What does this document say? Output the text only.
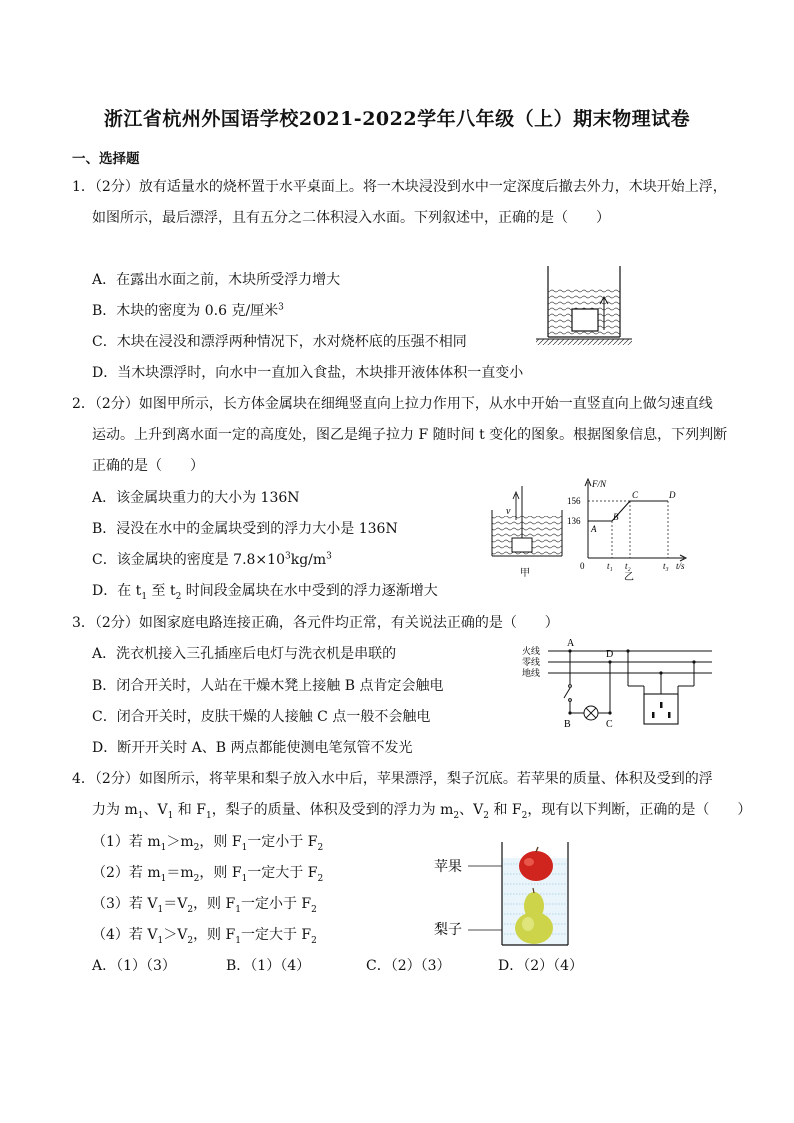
浙江省杭州外国语学校2021-2022学年八年级（上）期末物理试卷
一、选择题
1．（2分）放有适量水的烧杯置于水平桌面上。将一木块浸没到水中一定深度后撤去外力，木块开始上浮，
如图所示，最后漂浮，且有五分之二体积浸入水面。下列叙述中，正确的是（　　）
A．在露出水面之前，木块所受浮力增大
B．木块的密度为 0.6 克/厘米$^3$
C．木块在浸没和漂浮两种情况下，水对烧杯底的压强不相同
D．当木块漂浮时，向水中一直加入食盐，木块排开液体体积一直变小
2．（2分）如图甲所示，长方体金属块在细绳竖直向上拉力作用下，从水中开始一直竖直向上做匀速直线
运动。上升到离水面一定的高度处，图乙是绳子拉力 F 随时间 t 变化的图象。根据图象信息，下列判断
正确的是（　　）
A．该金属块重力的大小为 136N
B．浸没在水中的金属块受到的浮力大小是 136N
C．该金属块的密度是 $7.8\times 10^3kg/m^3$
D．在 $t_1$ 至 $t_2$ 时间段金属块在水中受到的浮力逐渐增大
v
甲
F/N
156
136
A
B
C	D
0	t₁ t₂	t₃ t/s
乙
3．（2分）如图家庭电路连接正确，各元件均正常，有关说法正确的是（　　）
A．洗衣机接入三孔插座后电灯与洗衣机是串联的
B．闭合开关时，人站在干燥木凳上接触 B 点肯定会触电
C．闭合开关时，皮肤干燥的人接触 C 点一般不会触电
D．断开开关时 A、B 两点都能使测电笔氖管不发光
火线
零线
地线
A
B	C
D
4．（2分）如图所示，将苹果和梨子放入水中后，苹果漂浮，梨子沉底。若苹果的质量、体积及受到的浮
力为 $m_1$、$V_1$ 和 $F_1$，梨子的质量、体积及受到的浮力为 $m_2$、$V_2$ 和 $F_2$，现有以下判断，正确的是（　　）
（1）若 $m_1>m_2$，则 $F_1$一定小于 $F_2$
（2）若 $m_1=m_2$，则 $F_1$一定大于 $F_2$
（3）若 $V_1=V_2$，则 $F_1$一定小于 $F_2$
（4）若 $V_1>V_2$，则 $F_1$一定大于 $F_2$
A．（1）（3）	B．（1）（4）	C．（2）（3）	D．（2）（4）
苹果
梨子
